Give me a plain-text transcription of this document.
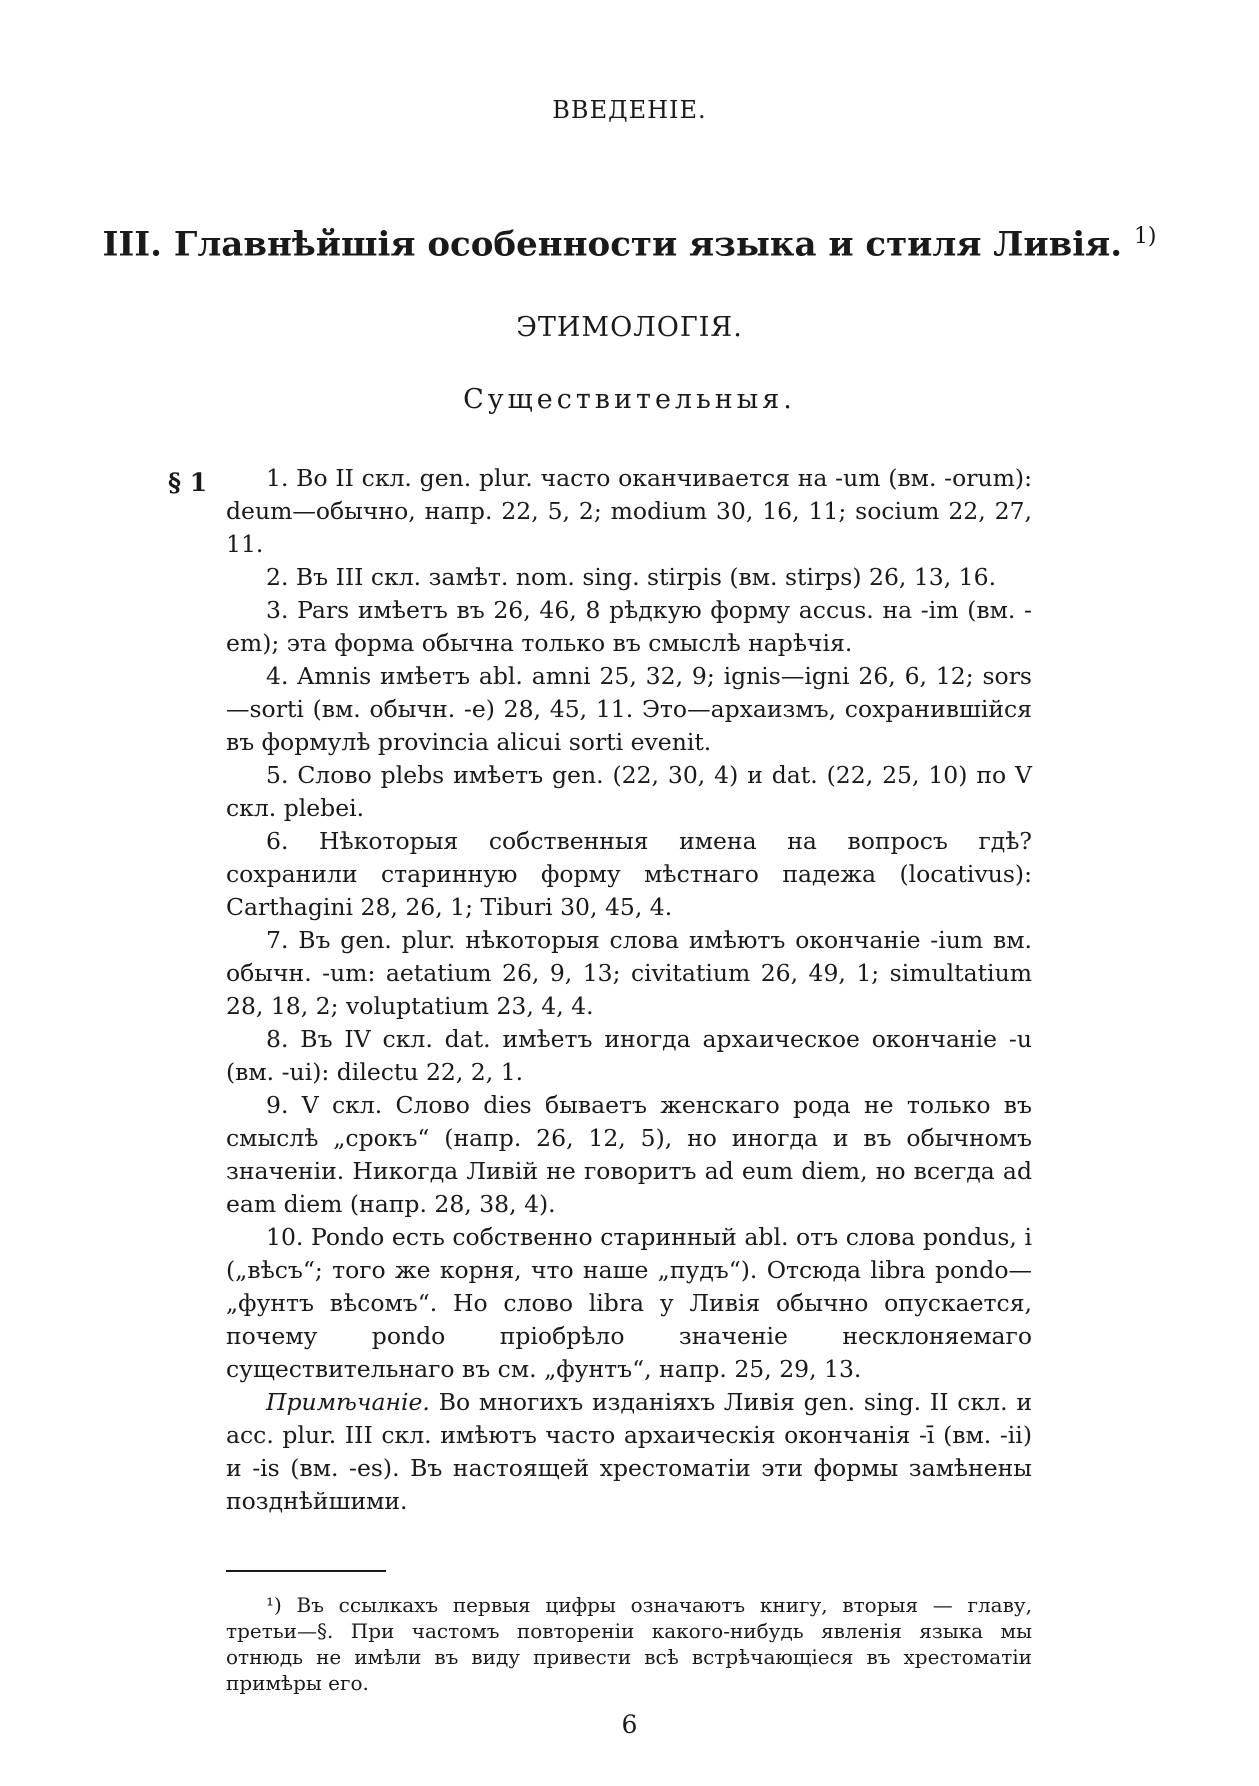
ВВЕДЕНІЕ.
III. Главнѣйшія особенности языка и стиля Ливія. $^{1)}$
ЭТИМОЛОГІЯ.
Существительныя.
§ 1	1. Во II скл. gen. plur. часто оканчивается на -um (вм. -orum): deum—обычно, напр. 22, 5, 2; modium 30, 16, 11; socium 22, 27, 11.

2. Въ III скл. замѣт. nom. sing. stirpis (вм. stirps) 26, 13, 16.

3. Pars имѣетъ въ 26, 46, 8 рѣдкую форму accus. на -im (вм. -em); эта форма обычна только въ смыслѣ нарѣчія.

4. Amnis имѣетъ abl. amni 25, 32, 9; ignis—igni 26, 6, 12; sors—sorti (вм. обычн. -e) 28, 45, 11. Это—архаизмъ, сохранившійся въ формулѣ provincia alicui sorti evenit.

5. Слово plebs имѣетъ gen. (22, 30, 4) и dat. (22, 25, 10) по V скл. plebei.

6. Нѣкоторыя собственныя имена на вопросъ гдѣ? сохранили старинную форму мѣстнаго падежа (locativus): Carthagini 28, 26, 1; Tiburi 30, 45, 4.

7. Въ gen. plur. нѣкоторыя слова имѣютъ окончаніе -ium вм. обычн. -um: aetatium 26, 9, 13; civitatium 26, 49, 1; simultatium 28, 18, 2; voluptatium 23, 4, 4.

8. Въ IV скл. dat. имѣетъ иногда архаическое окончаніе -u (вм. -ui): dilectu 22, 2, 1.

9. V скл. Слово dies бываетъ женскаго рода не только въ смыслѣ „срокъ“ (напр. 26, 12, 5), но иногда и въ обычномъ значеніи. Никогда Ливій не говоритъ ad eum diem, но всегда ad eam diem (напр. 28, 38, 4).

10. Pondo есть собственно старинный abl. отъ слова pondus, i („вѣсъ“; того же корня, что наше „пудъ“). Отсюда libra pondo—„фунтъ вѣсомъ“. Но слово libra у Ливія обычно опускается, почему pondo пріобрѣло значеніе несклоняемаго существительнаго въ см. „фунтъ“, напр. 25, 29, 13.

Примѣчаніе. Во многихъ изданіяхъ Ливія gen. sing. II скл. и acc. plur. III скл. имѣютъ часто архаическія окончанія -ī (вм. -ii) и -is (вм. -es). Въ настоящей хрестоматіи эти формы замѣнены позднѣйшими.

¹) Въ ссылкахъ первыя цифры означаютъ книгу, вторыя — главу, третьи—§. При частомъ повтореніи какого-нибудь явленія языка мы отнюдь не имѣли въ виду привести всѣ встрѣчающіеся въ хрестоматіи примѣры его.

6
